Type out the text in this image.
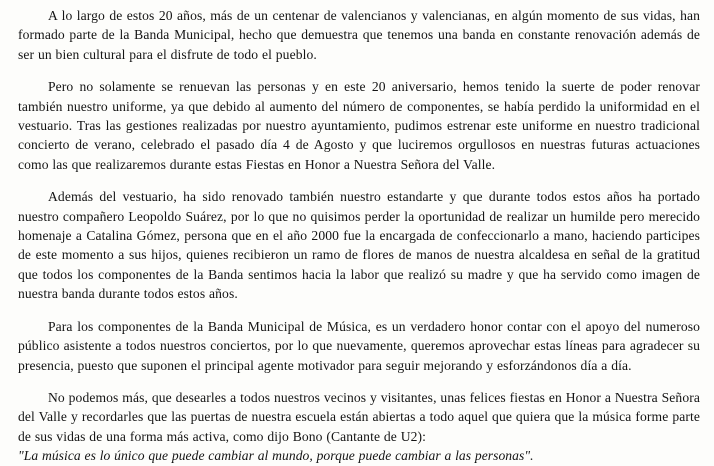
A lo largo de estos 20 años, más de un centenar de valencianos y valencianas, en algún momento de sus vidas, han formado parte de la Banda Municipal, hecho que demuestra que tenemos una banda en constante renovación además de ser un bien cultural para el disfrute de todo el pueblo.

Pero no solamente se renuevan las personas y en este 20 aniversario, hemos tenido la suerte de poder renovar también nuestro uniforme, ya que debido al aumento del número de componentes, se había perdido la uniformidad en el vestuario. Tras las gestiones realizadas por nuestro ayuntamiento, pudimos estrenar este uniforme en nuestro tradicional concierto de verano, celebrado el pasado día 4 de Agosto y que luciremos orgullosos en nuestras futuras actuaciones como las que realizaremos durante estas Fiestas en Honor a Nuestra Señora del Valle.

Además del vestuario, ha sido renovado también nuestro estandarte y que durante todos estos años ha portado nuestro compañero Leopoldo Suárez, por lo que no quisimos perder la oportunidad de realizar un humilde pero merecido homenaje a Catalina Gómez, persona que en el año 2000 fue la encargada de confeccionarlo a mano, haciendo participes de este momento a sus hijos, quienes recibieron un ramo de flores de manos de nuestra alcaldesa en señal de la gratitud que todos los componentes de la Banda sentimos hacia la labor que realizó su madre y que ha servido como imagen de nuestra banda durante todos estos años.

Para los componentes de la Banda Municipal de Música, es un verdadero honor contar con el apoyo del numeroso público asistente a todos nuestros conciertos, por lo que nuevamente, queremos aprovechar estas líneas para agradecer su presencia, puesto que suponen el principal agente motivador para seguir mejorando y esforzándonos día a día.

No podemos más, que desearles a todos nuestros vecinos y visitantes, unas felices fiestas en Honor a Nuestra Señora del Valle y recordarles que las puertas de nuestra escuela están abiertas a todo aquel que quiera que la música forme parte de sus vidas de una forma más activa, como dijo Bono (Cantante de U2):
"La música es lo único que puede cambiar al mundo, porque puede cambiar a las personas".
